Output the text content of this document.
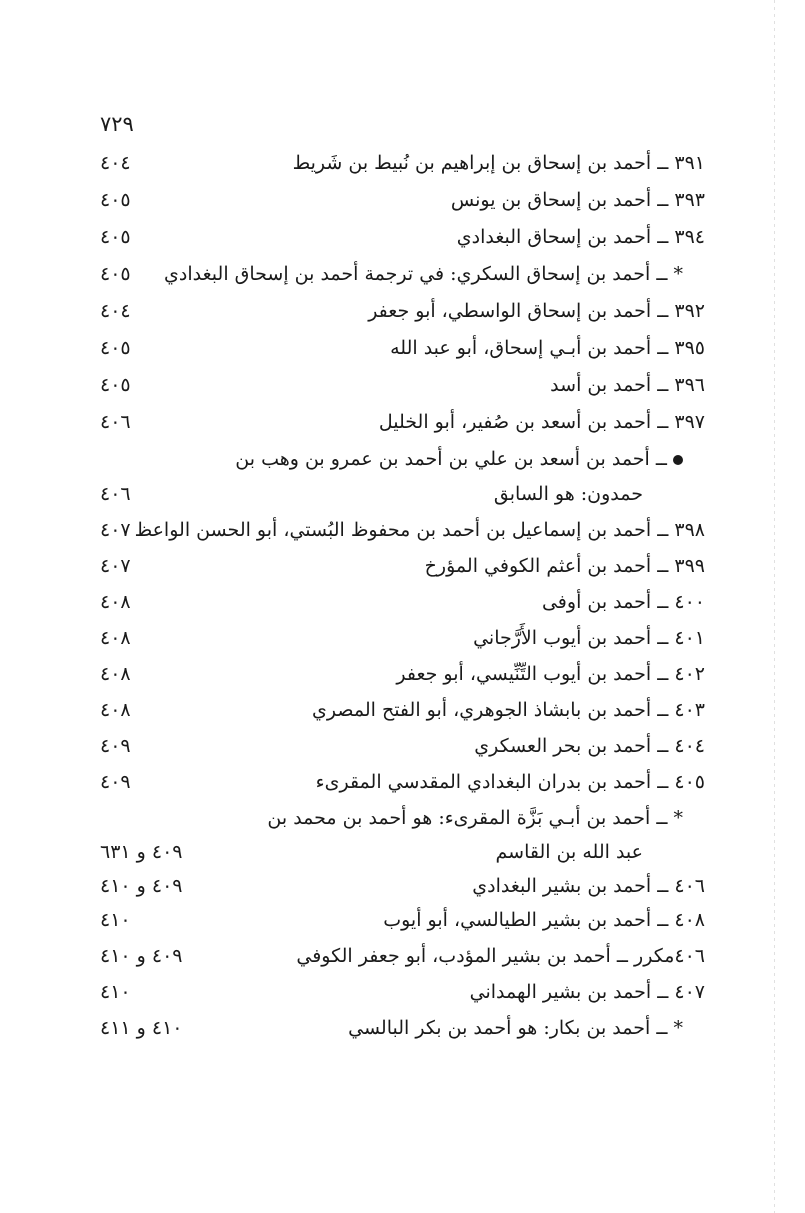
٧٢٩
٣٩١ ــ أحمد بن إسحاق بن إبراهيم بن نُبيط بن شَريط
٤٠٤
٣٩٣ ــ أحمد بن إسحاق بن يونس
٤٠٥
٣٩٤ ــ أحمد بن إسحاق البغدادي
٤٠٥
* ــ أحمد بن إسحاق السكري: في ترجمة أحمد بن إسحاق البغدادي
٤٠٥
٣٩٢ ــ أحمد بن إسحاق الواسطي، أبو جعفر
٤٠٤
٣٩٥ ــ أحمد بن أبـي إسحاق، أبو عبد الله
٤٠٥
٣٩٦ ــ أحمد بن أسد
٤٠٥
٣٩٧ ــ أحمد بن أسعد بن صُفير، أبو الخليل
٤٠٦
ــ أحمد بن أسعد بن علي بن أحمد بن عمرو بن وهب بن
حمدون: هو السابق
٤٠٦
٣٩٨ ــ أحمد بن إسماعيل بن أحمد بن محفوظ البُستي، أبو الحسن الواعظ
٤٠٧
٣٩٩ ــ أحمد بن أعثم الكوفي المؤرخ
٤٠٧
٤٠٠ ــ أحمد بن أوفى
٤٠٨
٤٠١ ــ أحمد بن أيوب الأَرَّجاني
٤٠٨
٤٠٢ ــ أحمد بن أيوب التِّنِّيسي، أبو جعفر
٤٠٨
٤٠٣ ــ أحمد بن بابشاذ الجوهري، أبو الفتح المصري
٤٠٨
٤٠٤ ــ أحمد بن بحر العسكري
٤٠٩
٤٠٥ ــ أحمد بن بدران البغدادي المقدسي المقرىء
٤٠٩
* ــ أحمد بن أبـي بَزَّة المقرىء: هو أحمد بن محمد بن
عبد الله بن القاسم
٤٠٩ و ٦٣١
٤٠٦ ــ أحمد بن بشير البغدادي
٤٠٩ و ٤١٠
٤٠٨ ــ أحمد بن بشير الطيالسي، أبو أيوب
٤١٠
٤٠٦مكرر ــ أحمد بن بشير المؤدب، أبو جعفر الكوفي
٤٠٩ و ٤١٠
٤٠٧ ــ أحمد بن بشير الهمداني
٤١٠
* ــ أحمد بن بكار: هو أحمد بن بكر البالسي
٤١٠ و ٤١١
